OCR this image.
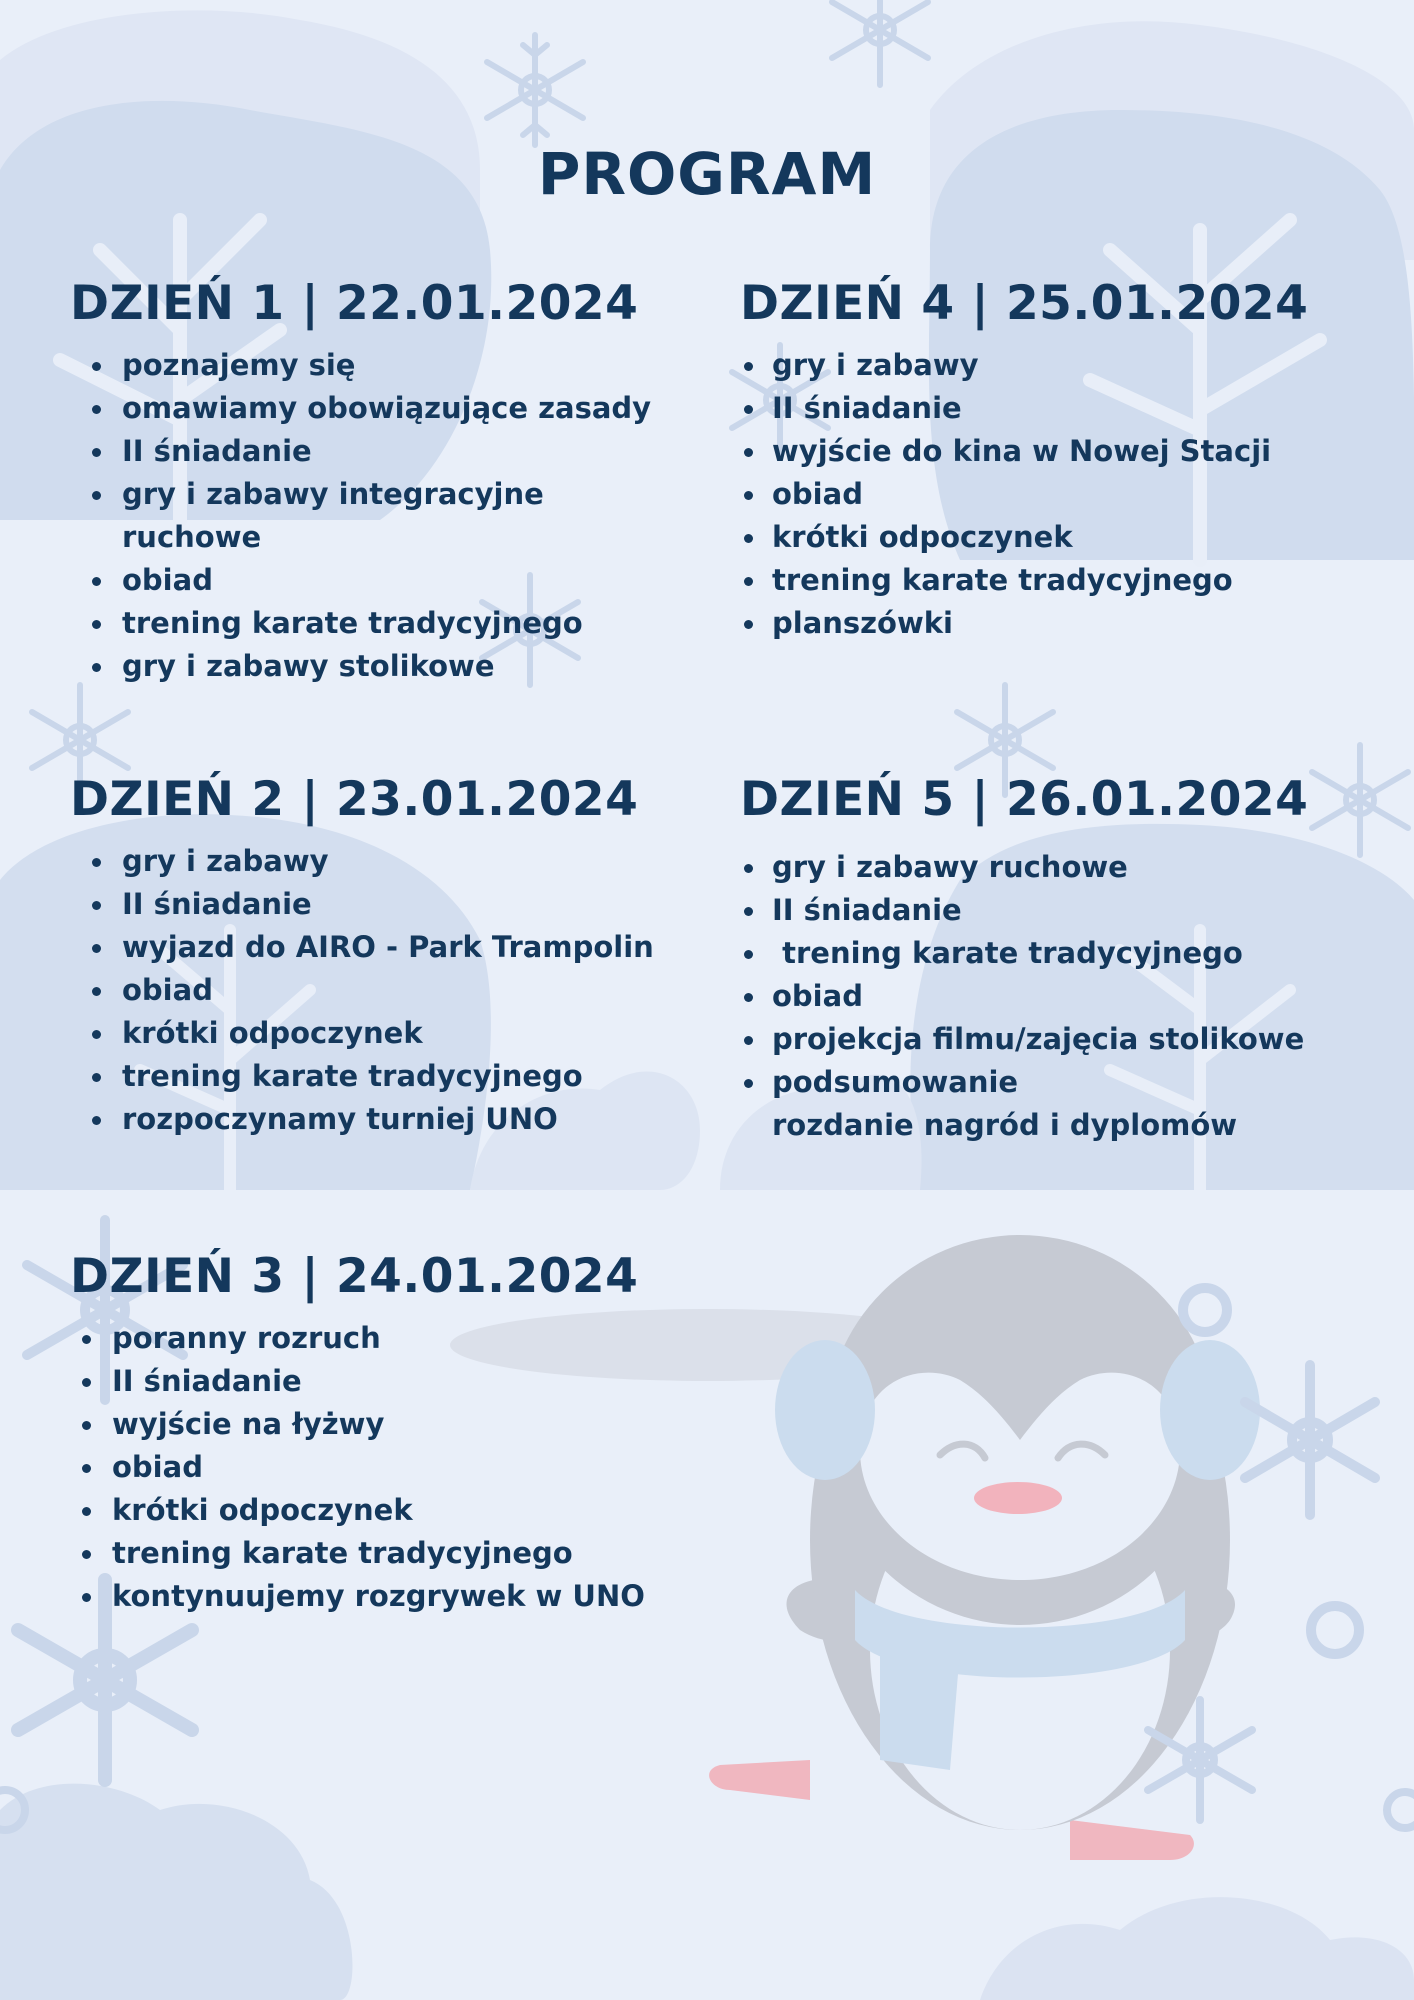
PROGRAM
DZIEŃ 1 | 22.01.2024
poznajemy się
omawiamy obowiązujące zasady
II śniadanie
gry i zabawy integracyjne
ruchowe
obiad
trening karate tradycyjnego
gry i zabawy stolikowe
DZIEŃ 4 | 25.01.2024
gry i zabawy
II śniadanie
wyjście do kina w Nowej Stacji
obiad
krótki odpoczynek
trening karate tradycyjnego
planszówki
DZIEŃ 2 | 23.01.2024
gry i zabawy
II śniadanie
wyjazd do AIRO - Park Trampolin
obiad
krótki odpoczynek
trening karate tradycyjnego
rozpoczynamy turniej UNO
DZIEŃ 5 | 26.01.2024
gry i zabawy ruchowe
II śniadanie
trening karate tradycyjnego
obiad
projekcja filmu/zajęcia stolikowe
podsumowanie
rozdanie nagród i dyplomów
DZIEŃ 3 | 24.01.2024
poranny rozruch
II śniadanie
wyjście na łyżwy
obiad
krótki odpoczynek
trening karate tradycyjnego
kontynuujemy rozgrywek w UNO
